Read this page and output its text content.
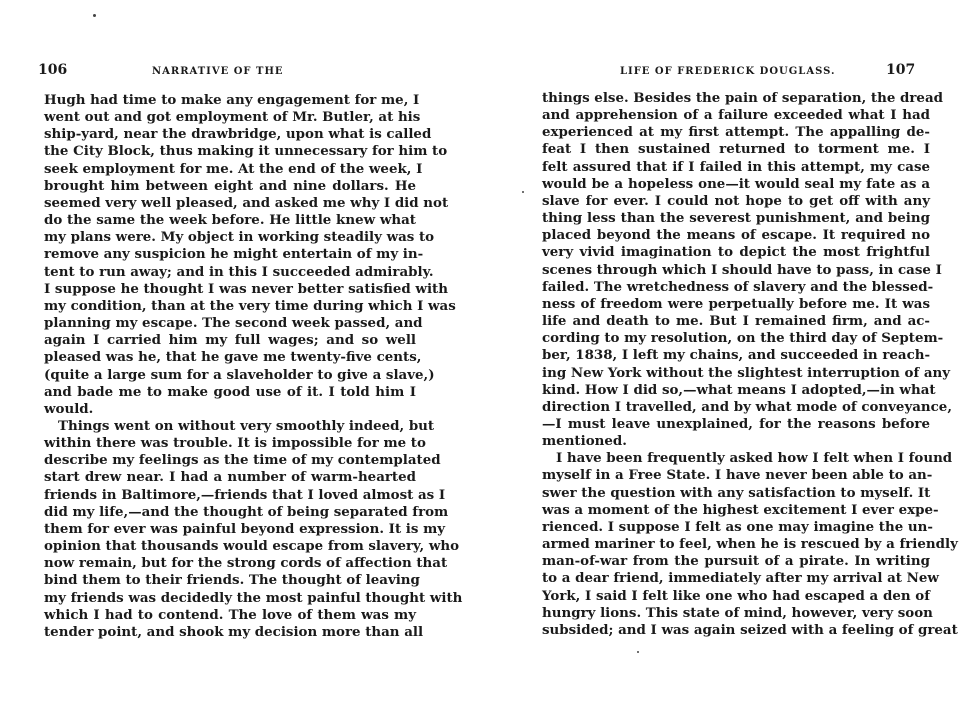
106	NARRATIVE OF THE
Hugh had time to make any engagement for me, I
went out and got employment of Mr. Butler, at his
ship-yard, near the drawbridge, upon what is called
the City Block, thus making it unnecessary for him to
seek employment for me. At the end of the week, I
brought him between eight and nine dollars. He
seemed very well pleased, and asked me why I did not
do the same the week before. He little knew what
my plans were. My object in working steadily was to
remove any suspicion he might entertain of my in-
tent to run away; and in this I succeeded admirably.
I suppose he thought I was never better satisfied with
my condition, than at the very time during which I was
planning my escape. The second week passed, and
again I carried him my full wages; and so well
pleased was he, that he gave me twenty-five cents,
(quite a large sum for a slaveholder to give a slave,)
and bade me to make good use of it. I told him I
would.
Things went on without very smoothly indeed, but
within there was trouble. It is impossible for me to
describe my feelings as the time of my contemplated
start drew near. I had a number of warm-hearted
friends in Baltimore,—friends that I loved almost as I
did my life,—and the thought of being separated from
them for ever was painful beyond expression. It is my
opinion that thousands would escape from slavery, who
now remain, but for the strong cords of affection that
bind them to their friends. The thought of leaving
my friends was decidedly the most painful thought with
which I had to contend. The love of them was my
tender point, and shook my decision more than all
LIFE OF FREDERICK DOUGLASS.	107
things else. Besides the pain of separation, the dread
and apprehension of a failure exceeded what I had
experienced at my first attempt. The appalling de-
feat I then sustained returned to torment me. I
felt assured that if I failed in this attempt, my case
would be a hopeless one—it would seal my fate as a
slave for ever. I could not hope to get off with any
thing less than the severest punishment, and being
placed beyond the means of escape. It required no
very vivid imagination to depict the most frightful
scenes through which I should have to pass, in case I
failed. The wretchedness of slavery and the blessed-
ness of freedom were perpetually before me. It was
life and death to me. But I remained firm, and ac-
cording to my resolution, on the third day of Septem-
ber, 1838, I left my chains, and succeeded in reach-
ing New York without the slightest interruption of any
kind. How I did so,—what means I adopted,—in what
direction I travelled, and by what mode of conveyance,
—I must leave unexplained, for the reasons before
mentioned.
I have been frequently asked how I felt when I found
myself in a Free State. I have never been able to an-
swer the question with any satisfaction to myself. It
was a moment of the highest excitement I ever expe-
rienced. I suppose I felt as one may imagine the un-
armed mariner to feel, when he is rescued by a friendly
man-of-war from the pursuit of a pirate. In writing
to a dear friend, immediately after my arrival at New
York, I said I felt like one who had escaped a den of
hungry lions. This state of mind, however, very soon
subsided; and I was again seized with a feeling of great
